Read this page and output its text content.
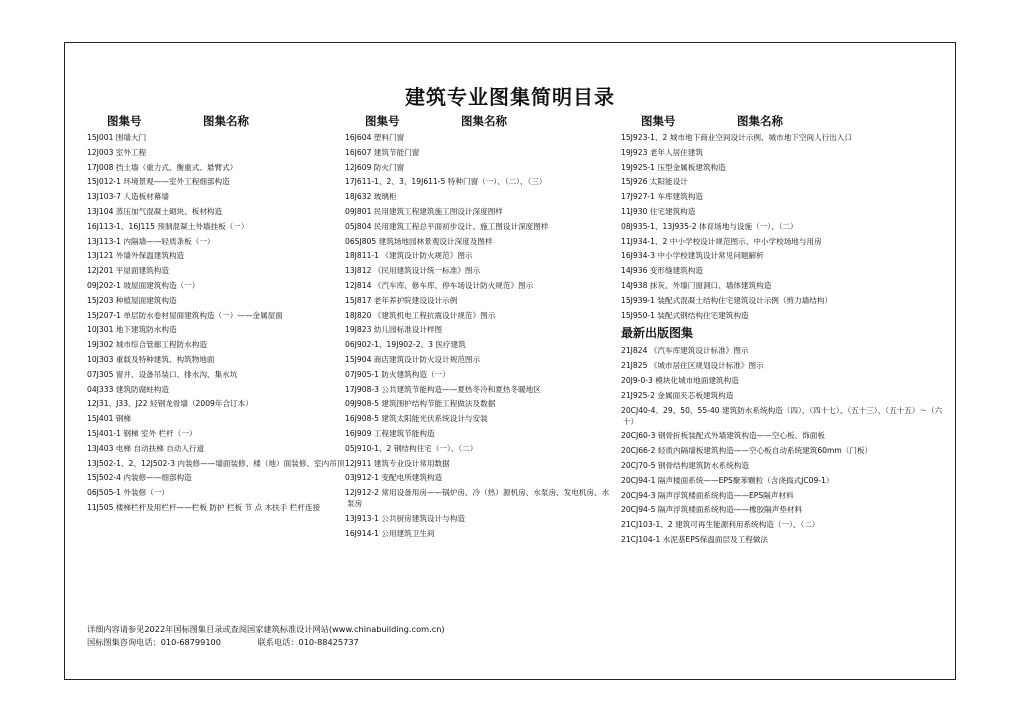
建筑专业图集简明目录
图集号	图集名称
15J001 围墙大门
12J003 室外工程
17J008 挡土墙（重力式、衡重式、悬臂式）
15J012-1 环境景观——室外工程细部构造
13J103-7 人造板材幕墙
13J104 蒸压加气混凝土砌块、板材构造
16J113-1、16J115 预制混凝土外墙挂板（一）
13J113-1 内隔墙——轻质条板（一）
13J121 外墙外保温建筑构造
12J201 平屋面建筑构造
09J202-1 坡屋面建筑构造（一）
15J203 种植屋面建筑构造
15J207-1 单层防水卷材屋面建筑构造（一）——金属屋面
10J301 地下建筑防水构造
19J302 城市综合管廊工程防水构造
10J303 重载及特种建筑、构筑物地面
07J305 窗井、设备吊装口、排水沟、集水坑
04J333 建筑防腐蛀构造
12J31、J33、J22 轻钢龙骨墙（2009年合订本）
15J401 钢梯
15J401-1 钢梯 室外 栏杆（一）
13J403 电梯 自动扶梯 自动人行道
13J502-1、2、12J502-3 内装修——墙面装修、楼（地）面装修、室内吊顶
15J502-4 内装修——细部构造
06J505-1 外装修（一）
11J505 楼梯栏杆及用栏杆——栏板 防护 栏板 节 点 木扶手 栏杆连接
图集号	图集名称
16J604 塑料门窗
16J607 建筑节能门窗
12J609 防火门窗
17J611-1、2、3、19J611-5 特种门窗（一）、（二）、（三）
18J632 玻璃柜
09J801 民用建筑工程建筑施工图设计深度图样
05J804 民用建筑工程总平面初步设计、施工图设计深度图样
06SJ805 建筑场地园林景观设计深度及图样
18J811-1 《建筑设计防火规范》图示
13J812 《民用建筑设计统一标准》图示
12J814 《汽车库、修车库、停车场设计防火规范》图示
15J817 老年养护院建设设计示例
18J820 《建筑机电工程抗震设计规范》图示
19J823 幼儿园标准设计样图
06J902-1、19J902-2、3 医疗建筑
15J904 商店建筑设计防火设计规范图示
07J905-1 防火建筑构造（一）
17J908-3 公共建筑节能构造——夏热冬冷和夏热冬暖地区
09J908-5 建筑围护结构节能工程做法及数据
16J908-5 建筑太阳能光伏系统设计与安装
16J909 工程建筑节能构造
05J910-1、2 钢结构住宅（一）、（二）
12J911 建筑专业设计常用数据
03J912-1 变配电所建筑构造
12J912-2 常用设备用房——锅炉房、冷（热）源机房、水泵房、发电机房、水泵房
13J913-1 公共厨房建筑设计与构造
16J914-1 公用建筑卫生间
图集号	图集名称
15J923-1、2 城市地下商业空间设计示例、城市地下空间人行出入口
19J923 老年人居住建筑
19J925-1 压型金属板建筑构造
15J926 太阳能设计
17J927-1 车库建筑构造
11J930 住宅建筑构造
08J935-1、13J935-2 体育场地与设施（一）、（二）
11J934-1、2 中小学校设计规范图示、中小学校场地与用房
16J934-3 中小学校建筑设计常见问题解析
14J936 变形缝建筑构造
14J938 抹灰、外墙门窗洞口、墙体建筑构造
15J939-1 装配式混凝土结构住宅建筑设计示例（剪力墙结构）
15J950-1 装配式钢结构住宅建筑构造
最新出版图集
21J824 《汽车库建筑设计标准》图示
21J825 《城市居住区规划设计标准》图示
20J9-0-3 模块化城市地面建筑构造
21J925-2 金属面夹芯板建筑构造
20CJ40-4、29、50、55-40 建筑防水系统构造（四）、（四十七）、（五十三）、（五十五）～（六十）
20CJ60-3 钢骨折板装配式外墙建筑构造——空心板、饰面板
20CJ66-2 轻质内隔墙板建筑构造——空心板自动系统建筑60mm（门板）
20CJ70-5 钢骨结构建筑防水系统构造
20CJ94-1 隔声楼面系统——EPS聚苯颗粒（含浇捣式JC09-1）
20CJ94-3 隔声浮筑楼面系统构造——EPS隔声材料
20CJ94-5 隔声浮筑楼面系统构造——橡胶隔声垫材料
21CJ103-1、2 建筑可再生能源利用系统构造（一）、（二）
21CJ104-1 水泥基EPS保温面层及工程做法
详细内容请参见2022年国标图集目录或查阅国家建筑标准设计网站(www.chinabuilding.com.cn)
国标图集咨询电话：010-68799100	联系电话：010-88425737
